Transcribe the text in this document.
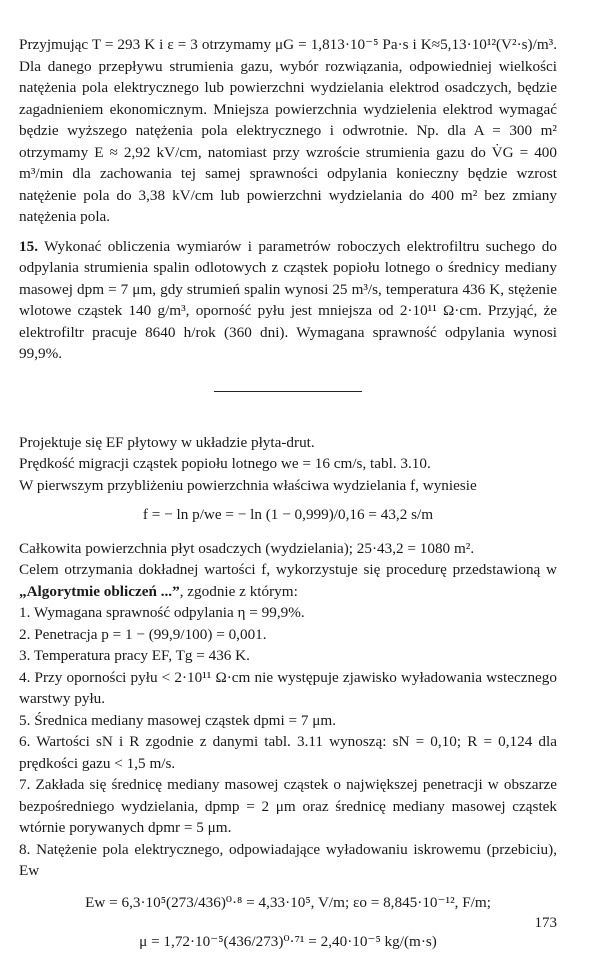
Przyjmując T = 293 K i ε = 3 otrzymamy μG = 1,813·10⁻⁵ Pa·s i K≈5,13·10¹²(V²·s)/m³. Dla danego przepływu strumienia gazu, wybór rozwiązania, odpowiedniej wielkości natężenia pola elektrycznego lub powierzchni wydzielania elektrod osadczych, będzie zagadnieniem ekonomicznym. Mniejsza powierzchnia wydzielenia elektrod wymagać będzie wyższego natężenia pola elektrycznego i odwrotnie. Np. dla A = 300 m² otrzymamy E ≈ 2,92 kV/cm, natomiast przy wzroście strumienia gazu do V̇G = 400 m³/min dla zachowania tej samej sprawności odpylania konieczny będzie wzrost natężenie pola do 3,38 kV/cm lub powierzchni wydzielania do 400 m² bez zmiany natężenia pola.

15. Wykonać obliczenia wymiarów i parametrów roboczych elektrofiltru suchego do odpylania strumienia spalin odlotowych z cząstek popiołu lotnego o średnicy mediany masowej dpm = 7 μm, gdy strumień spalin wynosi 25 m³/s, temperatura 436 K, stężenie wlotowe cząstek 140 g/m³, oporność pyłu jest mniejsza od 2·10¹¹ Ω·cm. Przyjąć, że elektrofiltr pracuje 8640 h/rok (360 dni). Wymagana sprawność odpylania wynosi 99,9%.

Projektuje się EF płytowy w układzie płyta-drut.

Prędkość migracji cząstek popiołu lotnego we = 16 cm/s, tabl. 3.10.

W pierwszym przybliżeniu powierzchnia właściwa wydzielania f, wyniesie

f = − ln p/we = − ln (1 − 0,999)/0,16 = 43,2 s/m

Całkowita powierzchnia płyt osadczych (wydzielania); 25·43,2 = 1080 m².

Celem otrzymania dokładnej wartości f, wykorzystuje się procedurę przedstawioną w „Algorytmie obliczeń ...”, zgodnie z którym:

1. Wymagana sprawność odpylania η = 99,9%.

2. Penetracja p = 1 − (99,9/100) = 0,001.

3. Temperatura pracy EF, Tg = 436 K.

4. Przy oporności pyłu < 2·10¹¹ Ω·cm nie występuje zjawisko wyładowania wstecznego warstwy pyłu.

5. Średnica mediany masowej cząstek dpmi = 7 μm.

6. Wartości sN i R zgodnie z danymi tabl. 3.11 wynoszą: sN = 0,10; R = 0,124 dla prędkości gazu < 1,5 m/s.

7. Zakłada się średnicę mediany masowej cząstek o największej penetracji w obszarze bezpośredniego wydzielania, dpmp = 2 μm oraz średnicę mediany masowej cząstek wtórnie porywanych dpmr = 5 μm.

8. Natężenie pola elektrycznego, odpowiadające wyładowaniu iskrowemu (przebiciu), Ew

Ew = 6,3·10⁵(273/436)⁰·⁸ = 4,33·10⁵, V/m; εo = 8,845·10⁻¹², F/m;

μ = 1,72·10⁻⁵(436/273)⁰·⁷¹ = 2,40·10⁻⁵ kg/(m·s)

173
